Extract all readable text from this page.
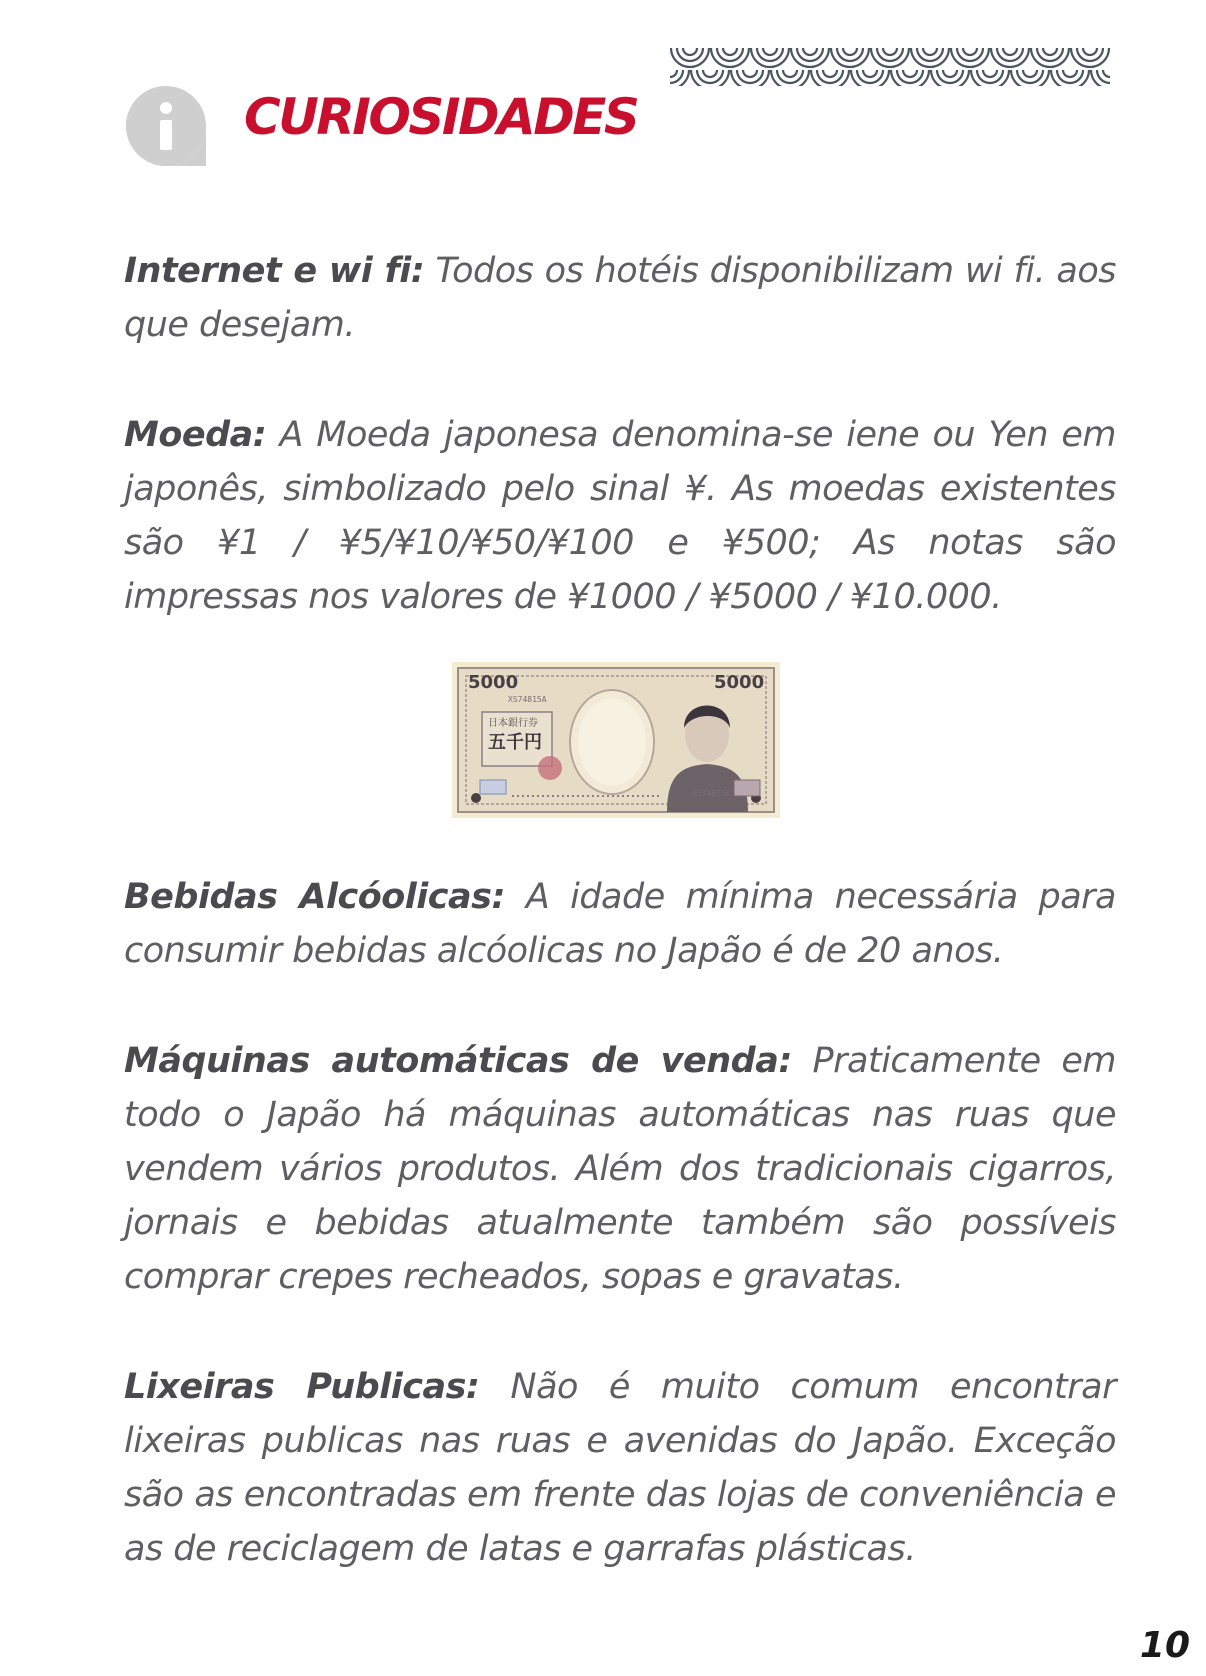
CURIOSIDADES

Internet e wi fi: Todos os hotéis disponibilizam wi fi. aos que desejam.

Moeda: A Moeda japonesa denomina-se iene ou Yen em japonês, simbolizado pelo sinal ¥. As moedas existentes são ¥1 / ¥5/¥10/¥50/¥100 e ¥500; As notas são impressas nos valores de ¥1000 / ¥5000 / ¥10.000.

5000	5000
日本銀行券
五千円
XS74815A
XS74815A

Bebidas Alcóolicas: A idade mínima necessária para consumir bebidas alcóolicas no Japão é de 20 anos.

Máquinas automáticas de venda: Praticamente em todo o Japão há máquinas automáticas nas ruas que vendem vários produtos. Além dos tradicionais cigarros, jornais e bebidas atualmente também são possíveis comprar crepes recheados, sopas e gravatas.

Lixeiras Publicas: Não é muito comum encontrar lixeiras publicas nas ruas e avenidas do Japão. Exceção são as encontradas em frente das lojas de conveniência e as de reciclagem de latas e garrafas plásticas.

10
